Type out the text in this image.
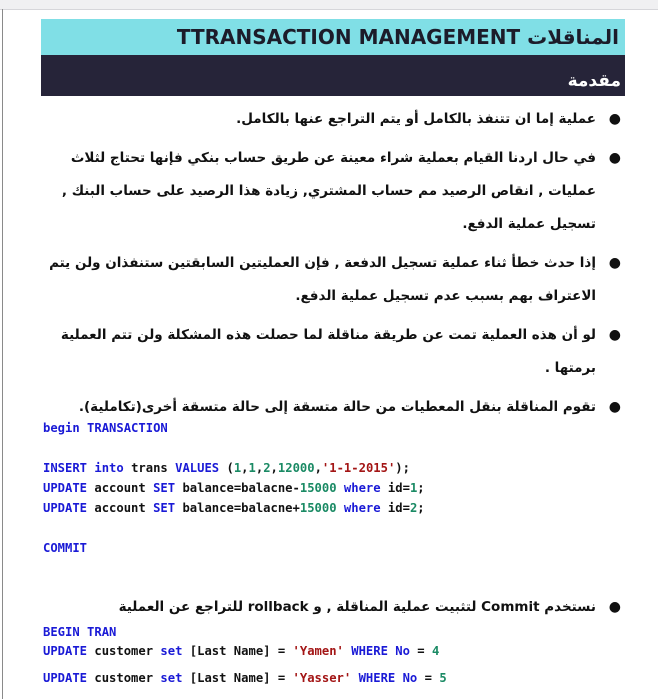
المناقلات TTRANSACTION MANAGEMENT
مقدمة
●
عملية إما ان تتنفذ بالكامل أو يتم التراجع عنها بالكامل.
●
في حال اردنا القيام بعملية شراء معينة عن طريق حساب بنكي فإنها تحتاج لثلاث عمليات , انقاص الرصيد مم حساب المشتري, زيادة هذا الرصيد على حساب البنك , تسجيل عملية الدفع.
●
إذا حدث خطأ ثناء عملية تسجيل الدفعة , فإن العمليتين السابقتين ستنفذان ولن يتم الاعتراف بهم بسبب عدم تسجيل عملية الدفع.
●
لو أن هذه العملية تمت عن طريقة مناقلة لما حصلت هذه المشكلة ولن تتم العملية برمتها .
●
تقوم المناقلة بنقل المعطيات من حالة متسقة إلى حالة متسقة أخرى(تكاملية).
begin TRANSACTION

INSERT into trans VALUES (1,1,2,12000,'1-1-2015');
UPDATE account SET balance=balacne-15000 where id=1;
UPDATE account SET balance=balacne+15000 where id=2;

COMMIT
●
نستخدم Commit لتثبيت عملية المناقلة , و rollback للتراجع عن العملية
BEGIN TRAN
UPDATE customer set [Last Name] = 'Yamen' WHERE No = 4
UPDATE customer set [Last Name] = 'Yasser' WHERE No = 5
